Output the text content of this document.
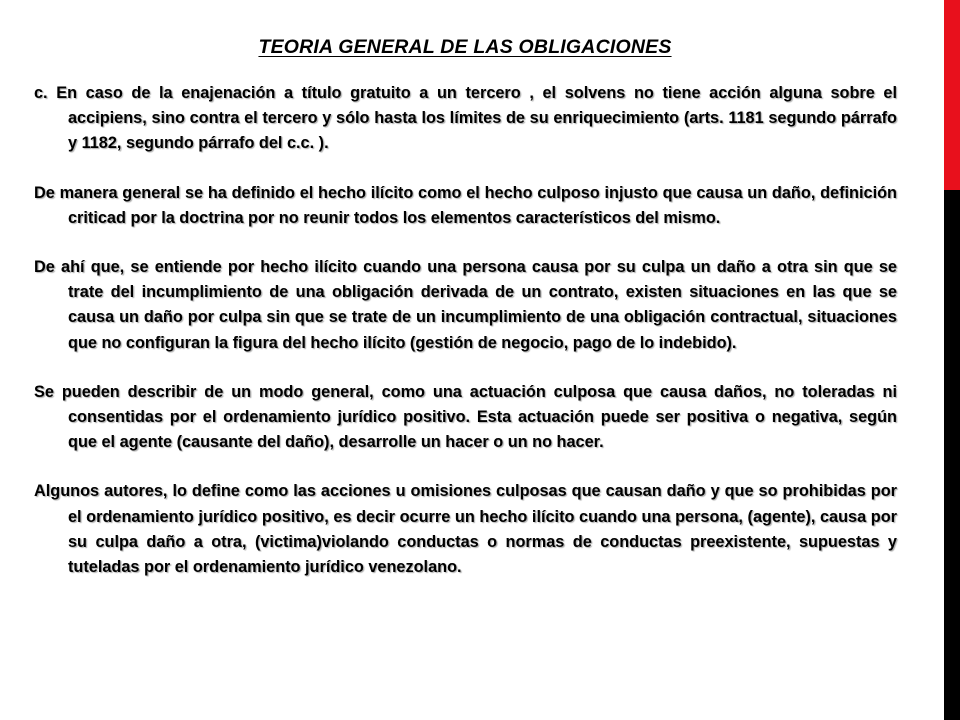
TEORIA GENERAL DE LAS OBLIGACIONES

c. En caso de la enajenación a título gratuito a un tercero , el solvens no tiene acción alguna sobre el accipiens, sino contra el tercero y sólo hasta los límites de su enriquecimiento (arts. 1181 segundo párrafo y 1182, segundo párrafo del c.c. ).

De manera general se ha definido el hecho ilícito como el hecho culposo injusto que causa un daño, definición criticad por la doctrina por no reunir todos los elementos característicos del mismo.

De ahí que, se entiende por hecho ilícito cuando una persona causa por su culpa un daño a otra sin que se trate del incumplimiento de una obligación derivada de un contrato, existen situaciones en las que se causa un daño por culpa sin que se trate de un incumplimiento de una obligación contractual, situaciones que no configuran la figura del hecho ilícito (gestión de negocio, pago de lo indebido).

Se pueden describir de un modo general, como una actuación culposa que causa daños, no toleradas ni consentidas por el ordenamiento jurídico positivo. Esta actuación puede ser positiva o negativa, según que el agente (causante del daño), desarrolle un hacer o un no hacer.

Algunos autores, lo define como las acciones u omisiones culposas que causan daño y que so prohibidas por el ordenamiento jurídico positivo, es decir ocurre un hecho ilícito cuando una persona, (agente), causa por su culpa daño a otra, (victima)violando conductas o normas de conductas preexistente, supuestas y tuteladas por el ordenamiento jurídico venezolano.
